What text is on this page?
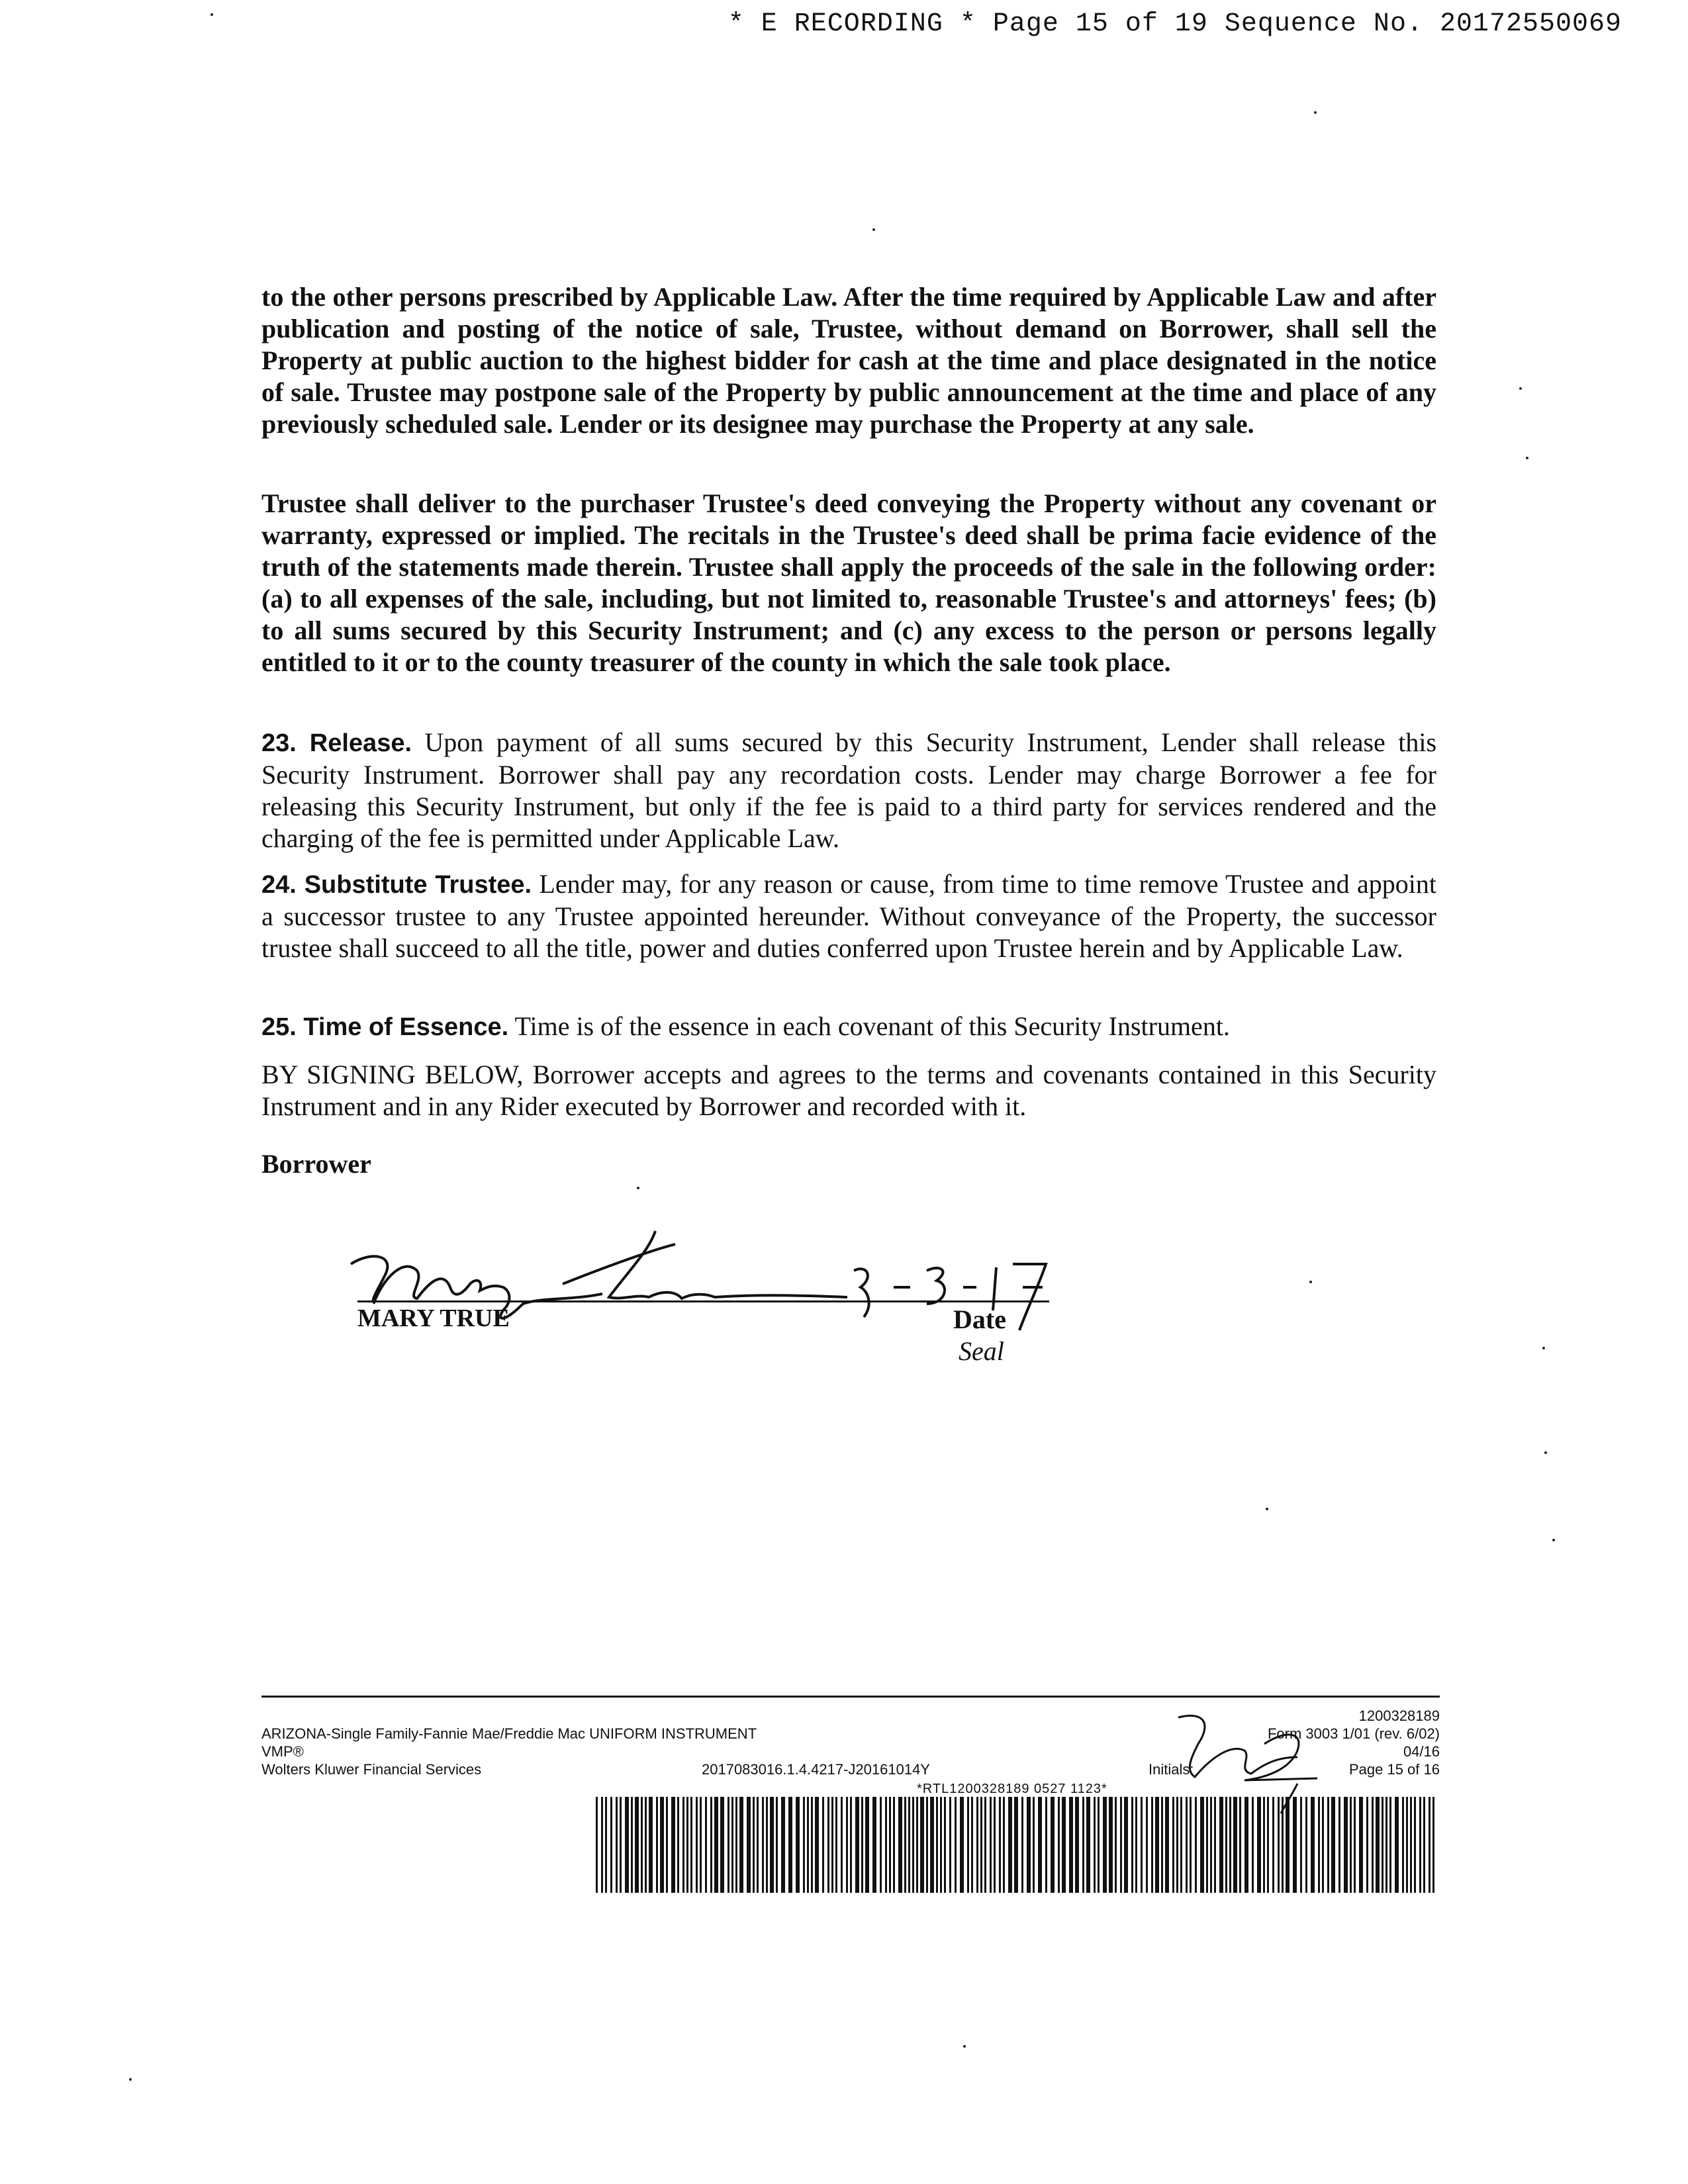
* E RECORDING * Page 15 of 19 Sequence No. 20172550069
to the other persons prescribed by Applicable Law. After the time required by Applicable Law and after publication and posting of the notice of sale, Trustee, without demand on Borrower, shall sell the Property at public auction to the highest bidder for cash at the time and place designated in the notice of sale. Trustee may postpone sale of the Property by public announcement at the time and place of any previously scheduled sale. Lender or its designee may purchase the Property at any sale.
Trustee shall deliver to the purchaser Trustee's deed conveying the Property without any covenant or warranty, expressed or implied. The recitals in the Trustee's deed shall be prima facie evidence of the truth of the statements made therein. Trustee shall apply the proceeds of the sale in the following order: (a) to all expenses of the sale, including, but not limited to, reasonable Trustee's and attorneys' fees; (b) to all sums secured by this Security Instrument; and (c) any excess to the person or persons legally entitled to it or to the county treasurer of the county in which the sale took place.
23. Release. Upon payment of all sums secured by this Security Instrument, Lender shall release this Security Instrument. Borrower shall pay any recordation costs. Lender may charge Borrower a fee for releasing this Security Instrument, but only if the fee is paid to a third party for services rendered and the charging of the fee is permitted under Applicable Law.
24. Substitute Trustee. Lender may, for any reason or cause, from time to time remove Trustee and appoint a successor trustee to any Trustee appointed hereunder. Without conveyance of the Property, the successor trustee shall succeed to all the title, power and duties conferred upon Trustee herein and by Applicable Law.
25. Time of Essence. Time is of the essence in each covenant of this Security Instrument.
BY SIGNING BELOW, Borrower accepts and agrees to the terms and covenants contained in this Security Instrument and in any Rider executed by Borrower and recorded with it.
Borrower
MARY TRUE	Date
Seal
1200328189
ARIZONA-Single Family-Fannie Mae/Freddie Mac UNIFORM INSTRUMENT	Form 3003 1/01 (rev. 6/02)
VMP®	04/16
Wolters Kluwer Financial Services	2017083016.1.4.4217-J20161014Y	Initials:	Page 15 of 16
*RTL1200328189 0527 1123*
